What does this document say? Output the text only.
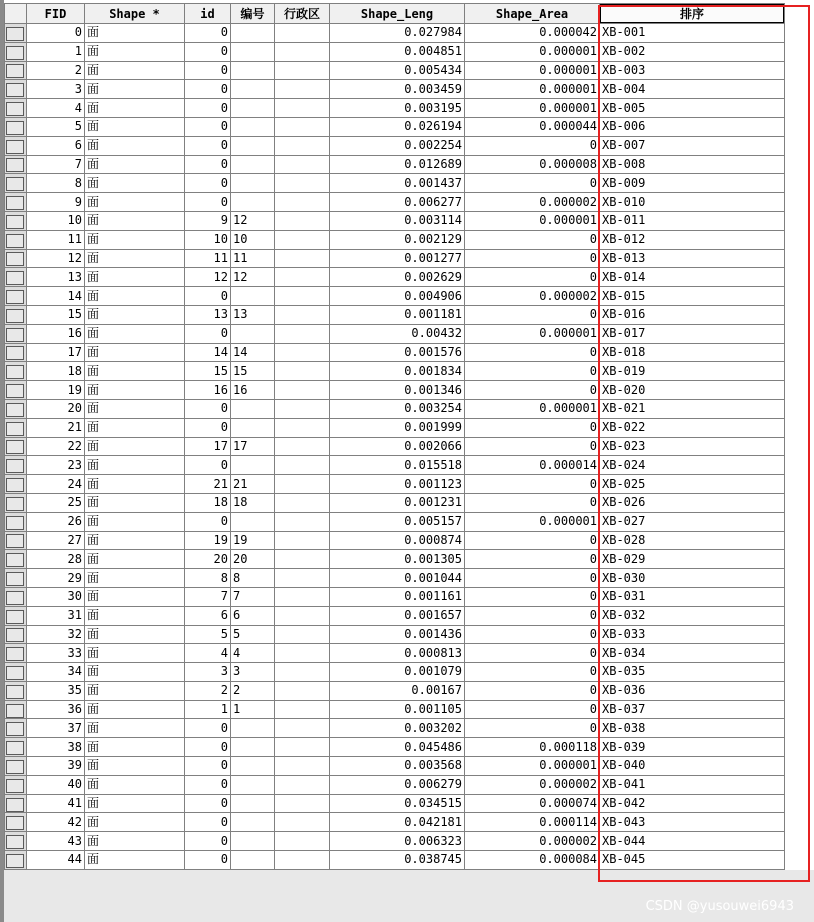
	FID	Shape *	id	编号	行政区	Shape_Leng	Shape_Area	排序

	0	面	0			0.027984	0.000042	XB-001

	1	面	0			0.004851	0.000001	XB-002

	2	面	0			0.005434	0.000001	XB-003

	3	面	0			0.003459	0.000001	XB-004

	4	面	0			0.003195	0.000001	XB-005

	5	面	0			0.026194	0.000044	XB-006

	6	面	0			0.002254	0	XB-007

	7	面	0			0.012689	0.000008	XB-008

	8	面	0			0.001437	0	XB-009

	9	面	0			0.006277	0.000002	XB-010

	10	面	9	12		0.003114	0.000001	XB-011

	11	面	10	10		0.002129	0	XB-012

	12	面	11	11		0.001277	0	XB-013

	13	面	12	12		0.002629	0	XB-014

	14	面	0			0.004906	0.000002	XB-015

	15	面	13	13		0.001181	0	XB-016

	16	面	0			0.00432	0.000001	XB-017

	17	面	14	14		0.001576	0	XB-018

	18	面	15	15		0.001834	0	XB-019

	19	面	16	16		0.001346	0	XB-020

	20	面	0			0.003254	0.000001	XB-021

	21	面	0			0.001999	0	XB-022

	22	面	17	17		0.002066	0	XB-023

	23	面	0			0.015518	0.000014	XB-024

	24	面	21	21		0.001123	0	XB-025

	25	面	18	18		0.001231	0	XB-026

	26	面	0			0.005157	0.000001	XB-027

	27	面	19	19		0.000874	0	XB-028

	28	面	20	20		0.001305	0	XB-029

	29	面	8	8		0.001044	0	XB-030

	30	面	7	7		0.001161	0	XB-031

	31	面	6	6		0.001657	0	XB-032

	32	面	5	5		0.001436	0	XB-033

	33	面	4	4		0.000813	0	XB-034

	34	面	3	3		0.001079	0	XB-035

	35	面	2	2		0.00167	0	XB-036

	36	面	1	1		0.001105	0	XB-037

	37	面	0			0.003202	0	XB-038

	38	面	0			0.045486	0.000118	XB-039

	39	面	0			0.003568	0.000001	XB-040

	40	面	0			0.006279	0.000002	XB-041

	41	面	0			0.034515	0.000074	XB-042

	42	面	0			0.042181	0.000114	XB-043

	43	面	0			0.006323	0.000002	XB-044

	44	面	0			0.038745	0.000084	XB-045
CSDN @yusouwei6943
